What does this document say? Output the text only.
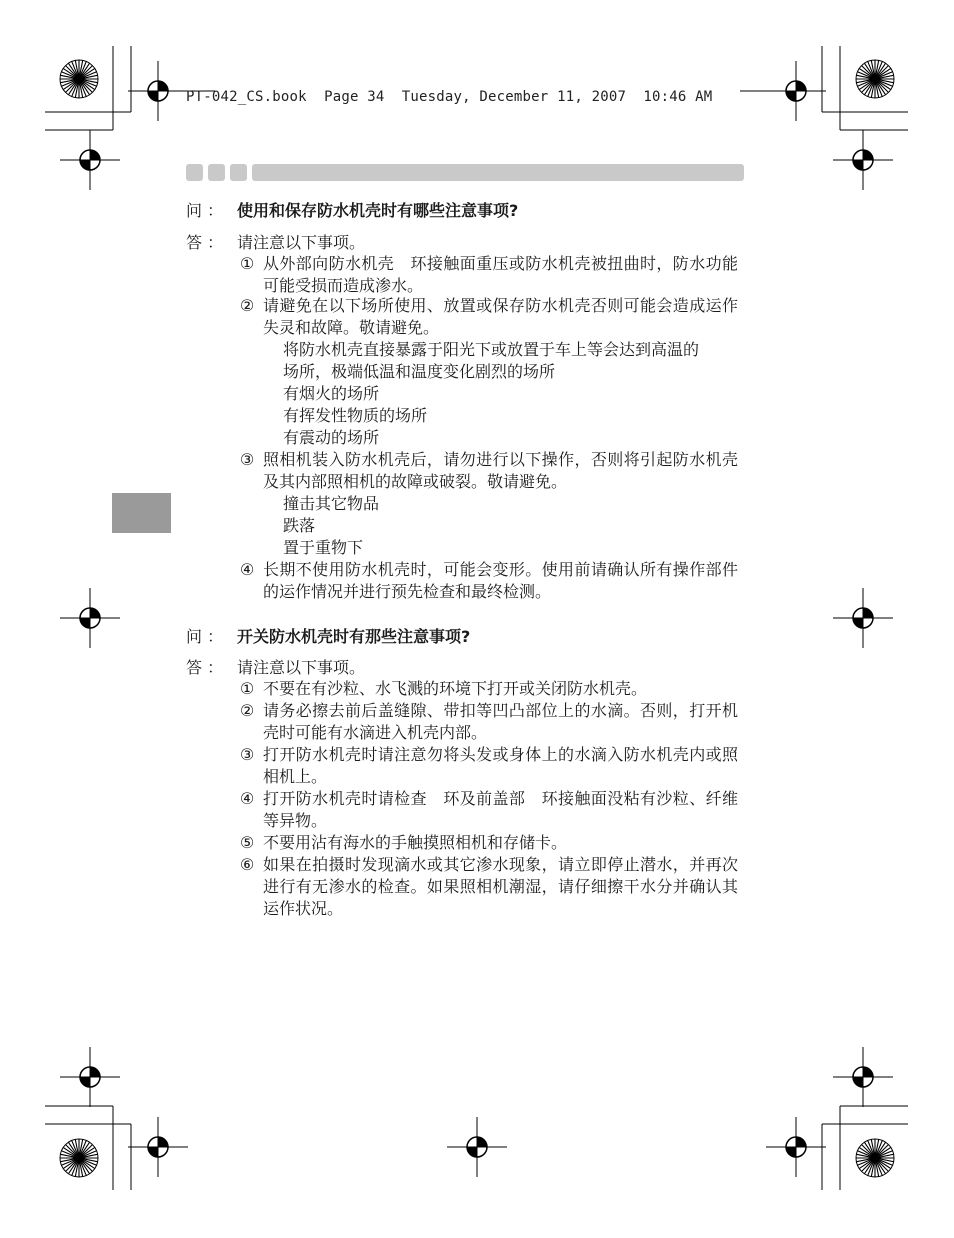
PT-042_CS.book Page 34 Tuesday, December 11, 2007 10:46 AM
问 ： 使用和保存防水机壳时有哪些注意事项?
答 ： 请注意以下事项。
① 从外部向防水机壳　环接触面重压或防水机壳被扭曲时，防水功能可能受损而造成渗水。
② 请避免在以下场所使用、放置或保存防水机壳否则可能会造成运作失灵和故障。敬请避免。
将防水机壳直接暴露于阳光下或放置于车上等会达到高温的
场所，极端低温和温度变化剧烈的场所
有烟火的场所
有挥发性物质的场所
有震动的场所
③ 照相机装入防水机壳后，请勿进行以下操作，否则将引起防水机壳及其内部照相机的故障或破裂。敬请避免。
撞击其它物品
跌落
置于重物下
④ 长期不使用防水机壳时，可能会变形。使用前请确认所有操作部件的运作情况并进行预先检查和最终检测。
问 ： 开关防水机壳时有那些注意事项?
答 ： 请注意以下事项。
① 不要在有沙粒、水飞溅的环境下打开或关闭防水机壳。
② 请务必擦去前后盖缝隙、带扣等凹凸部位上的水滴。否则，打开机壳时可能有水滴进入机壳内部。
③ 打开防水机壳时请注意勿将头发或身体上的水滴入防水机壳内或照相机上。
④ 打开防水机壳时请检查　环及前盖部　环接触面没粘有沙粒、纤维等异物。
⑤ 不要用沾有海水的手触摸照相机和存储卡。
⑥ 如果在拍摄时发现滴水或其它渗水现象，请立即停止潜水，并再次进行有无渗水的检查。如果照相机潮湿，请仔细擦干水分并确认其运作状况。
